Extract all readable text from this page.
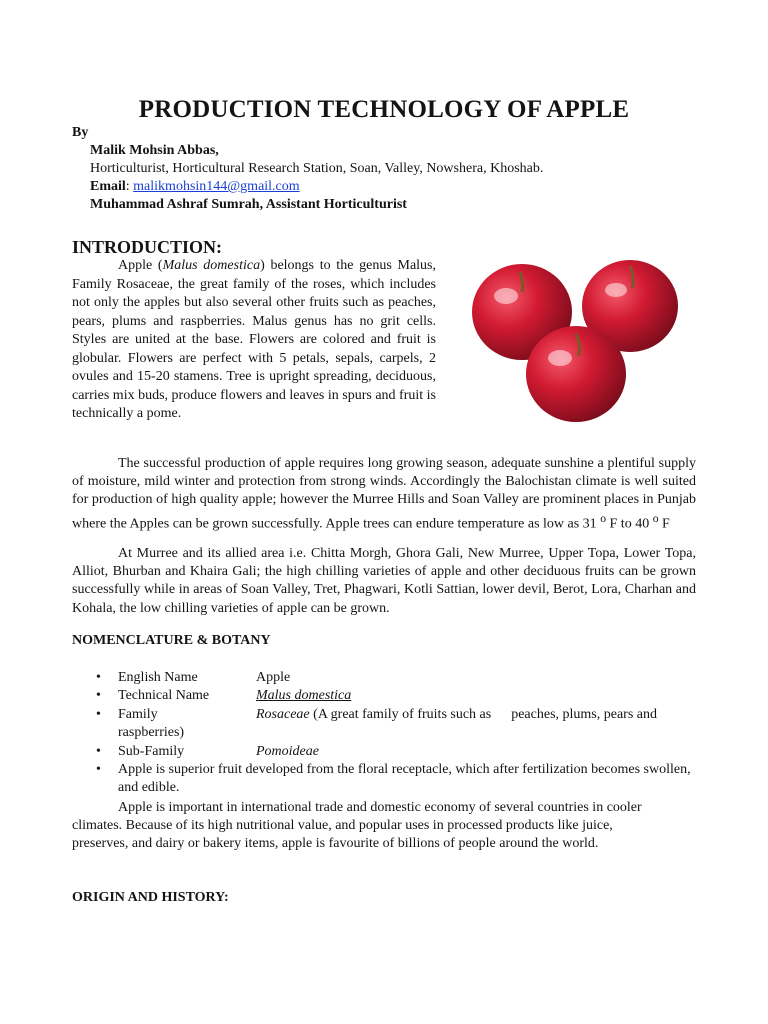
PRODUCTION TECHNOLOGY OF APPLE
By
Malik Mohsin Abbas,
Horticulturist, Horticultural Research Station, Soan, Valley, Nowshera, Khoshab.
Email: malikmohsin144@gmail.com
Muhammad Ashraf Sumrah, Assistant Horticulturist
INTRODUCTION:

Apple (Malus domestica) belongs to the genus Malus, Family Rosaceae, the great family of the roses, which includes not only the apples but also several other fruits such as peaches, pears, plums and raspberries. Malus genus has no grit cells. Styles are united at the base. Flowers are colored and fruit is globular. Flowers are perfect with 5 petals, sepals, carpels, 2 ovules and 15-20 stamens. Tree is upright spreading, deciduous, carries mix buds, produce flowers and leaves in spurs and fruit is technically a pome.

The successful production of apple requires long growing season, adequate sunshine a plentiful supply of moisture, mild winter and protection from strong winds. Accordingly the Balochistan climate is well suited for production of high quality apple; however the Murree Hills and Soan Valley are prominent places in Punjab where the Apples can be grown successfully. Apple trees can endure temperature as low as 31 $^o$ F to 40 $^o$ F

At Murree and its allied area i.e. Chitta Morgh, Ghora Gali, New Murree, Upper Topa, Lower Topa, Alliot, Bhurban and Khaira Gali; the high chilling varieties of apple and other deciduous fruits can be grown successfully while in areas of Soan Valley, Tret, Phagwari, Kotli Sattian, lower devil, Berot, Lora, Charhan and Kohala, the low chilling varieties of apple can be grown.

NOMENCLATURE & BOTANY
• English Name	Apple
• Technical Name	Malus domestica
• Family	Rosaceae (A great family of fruits such as peaches, plums, pears and raspberries)
• Sub-Family	Pomoideae
• Apple is superior fruit developed from the floral receptacle, which after fertilization becomes swollen, and edible.

Apple is important in international trade and domestic economy of several countries in cooler climates. Because of its high nutritional value, and popular uses in processed products like juice, preserves, and dairy or bakery items, apple is favourite of billions of people around the world.

ORIGIN AND HISTORY:
